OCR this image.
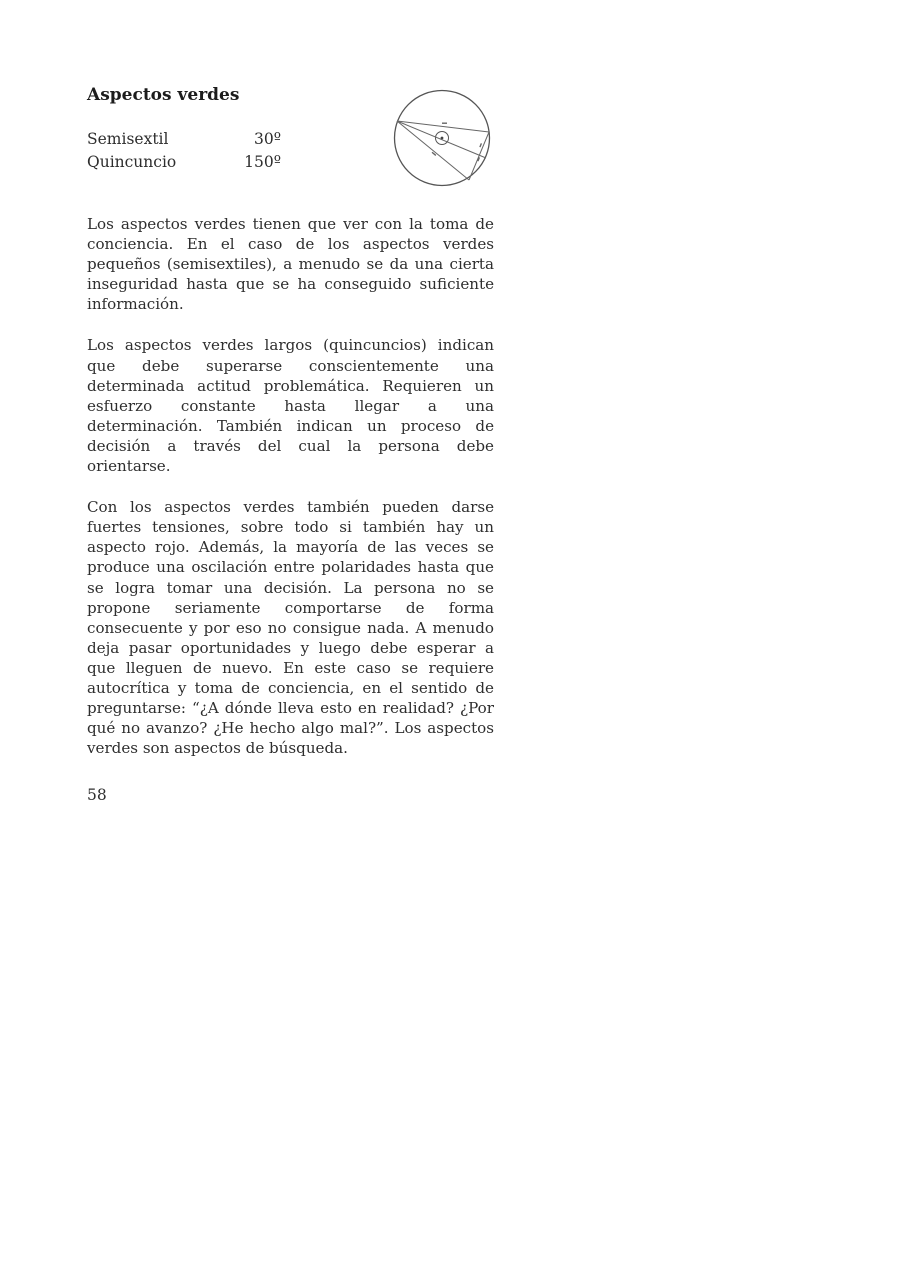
Aspectos verdes
Semisextil	30º
Quincuncio	150º

Los aspectos verdes tienen que ver con la toma de conciencia. En el caso de los aspectos verdes pequeños (semisextiles), a menudo se da una cierta inseguridad hasta que se ha conseguido suficiente información.

Los aspectos verdes largos (quincuncios) indican que debe superarse conscientemente una determinada actitud problemática. Requieren un esfuerzo constante hasta llegar a una determinación. También indican un proceso de decisión a través del cual la persona debe orientarse.

Con los aspectos verdes también pueden darse fuertes tensiones, sobre todo si también hay un aspecto rojo. Además, la mayoría de las veces se produce una oscilación entre polaridades hasta que se logra tomar una decisión. La persona no se propone seriamente comportarse de forma consecuente y por eso no consigue nada. A menudo deja pasar oportunidades y luego debe esperar a que lleguen de nuevo. En este caso se requiere autocrítica y toma de conciencia, en el sentido de preguntarse: “¿A dónde lleva esto en realidad? ¿Por qué no avanzo? ¿He hecho algo mal?”. Los aspectos verdes son aspectos de búsqueda.

58
